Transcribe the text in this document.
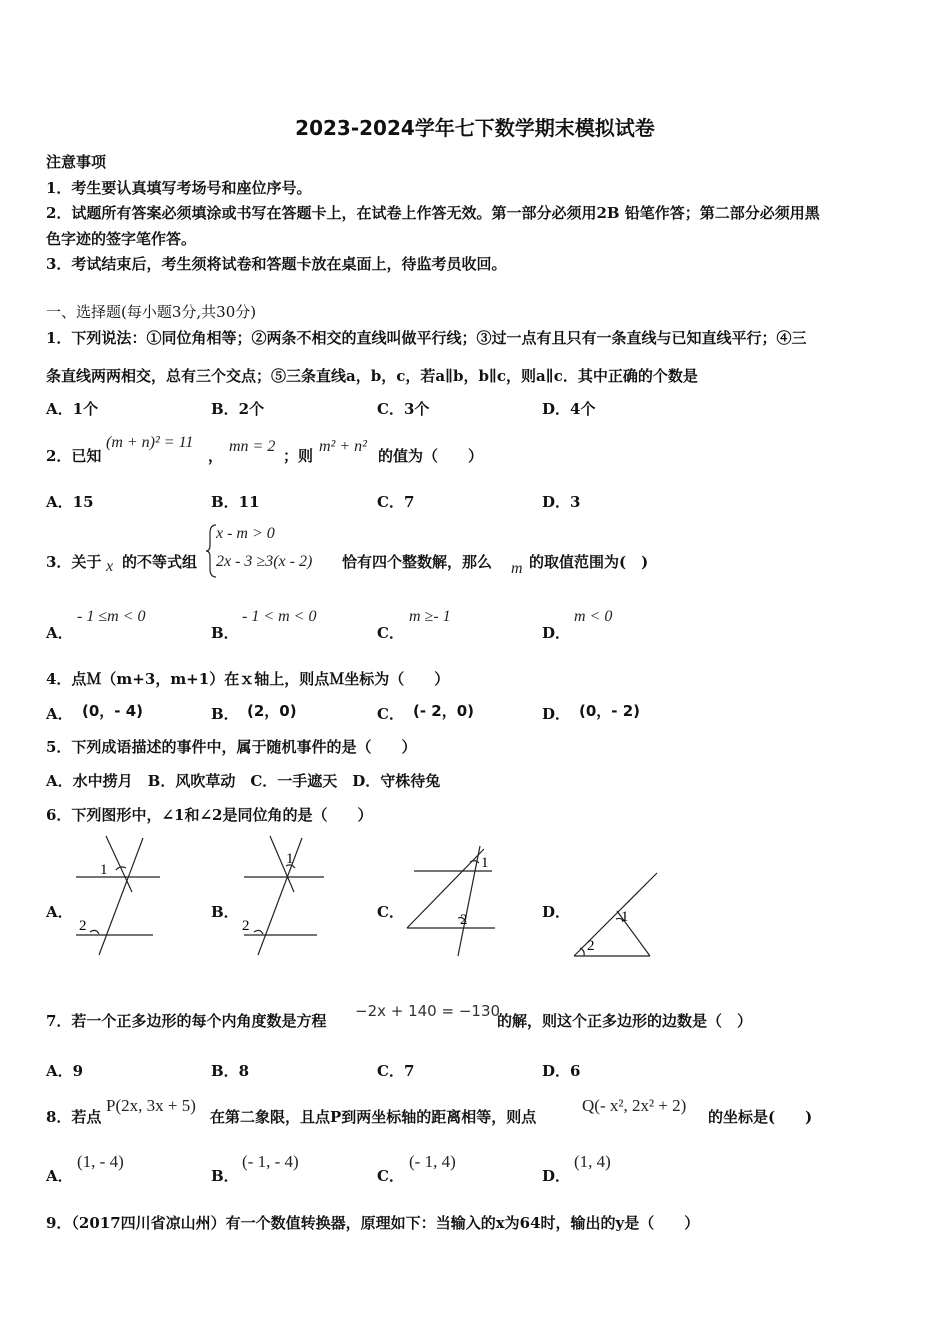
2023-2024学年七下数学期末模拟试卷
注意事项
1．考生要认真填写考场号和座位序号。
2．试题所有答案必须填涂或书写在答题卡上，在试卷上作答无效。第一部分必须用2B 铅笔作答；第二部分必须用黑
色字迹的签字笔作答。
3．考试结束后，考生须将试卷和答题卡放在桌面上，待监考员收回。
一、选择题(每小题3分,共30分)
1．下列说法：①同位角相等；②两条不相交的直线叫做平行线；③过一点有且只有一条直线与已知直线平行；④三
条直线两两相交，总有三个交点；⑤三条直线a，b，c，若a∥b，b∥c，则a∥c．其中正确的个数是
A．1个	B．2个	C．3个	D．4个
2．已知
(m + n)² = 11
，
mn = 2
；则
m² + n²
的值为（　　）
A．15	B．11	C．7	D．3
3．关于 x 的不等式组
x - m > 0
2x - 3 ≥3(x - 2) 恰有四个整数解，那么 m 的取值范围为(　)
A．
- 1 ≤m < 0
B．
- 1 < m < 0
C．
m ≥- 1
D．
m < 0
4．点Ｍ（m+3，m+1）在ｘ轴上，则点Ｍ坐标为（　　）
A． (0，- 4)	B． (2，0)	C． (- 2，0)	D． (0，- 2)
5．下列成语描述的事件中，属于随机事件的是（　　）
A．水中捞月　B．风吹草动　C．一手遮天　D．守株待兔
6．下列图形中，∠1和∠2是同位角的是（　　）
A．	B．	C．	D．
1
2
1
2
1
2	1
2
7．若一个正多边形的每个内角度数是方程
−2x + 140 = −130
的解，则这个正多边形的边数是（　）
A．9	B．8	C．7	D．6
8．若点
P(2x, 3x + 5)
在第二象限，且点P到两坐标轴的距离相等，则点
Q(- x², 2x² + 2)
的坐标是(　　)
A．
(1, - 4)
B．
(- 1, - 4)
C．
(- 1, 4)
D．
(1, 4)
9．（2017四川省凉山州）有一个数值转换器，原理如下：当输入的x为64时，输出的y是（　　）
